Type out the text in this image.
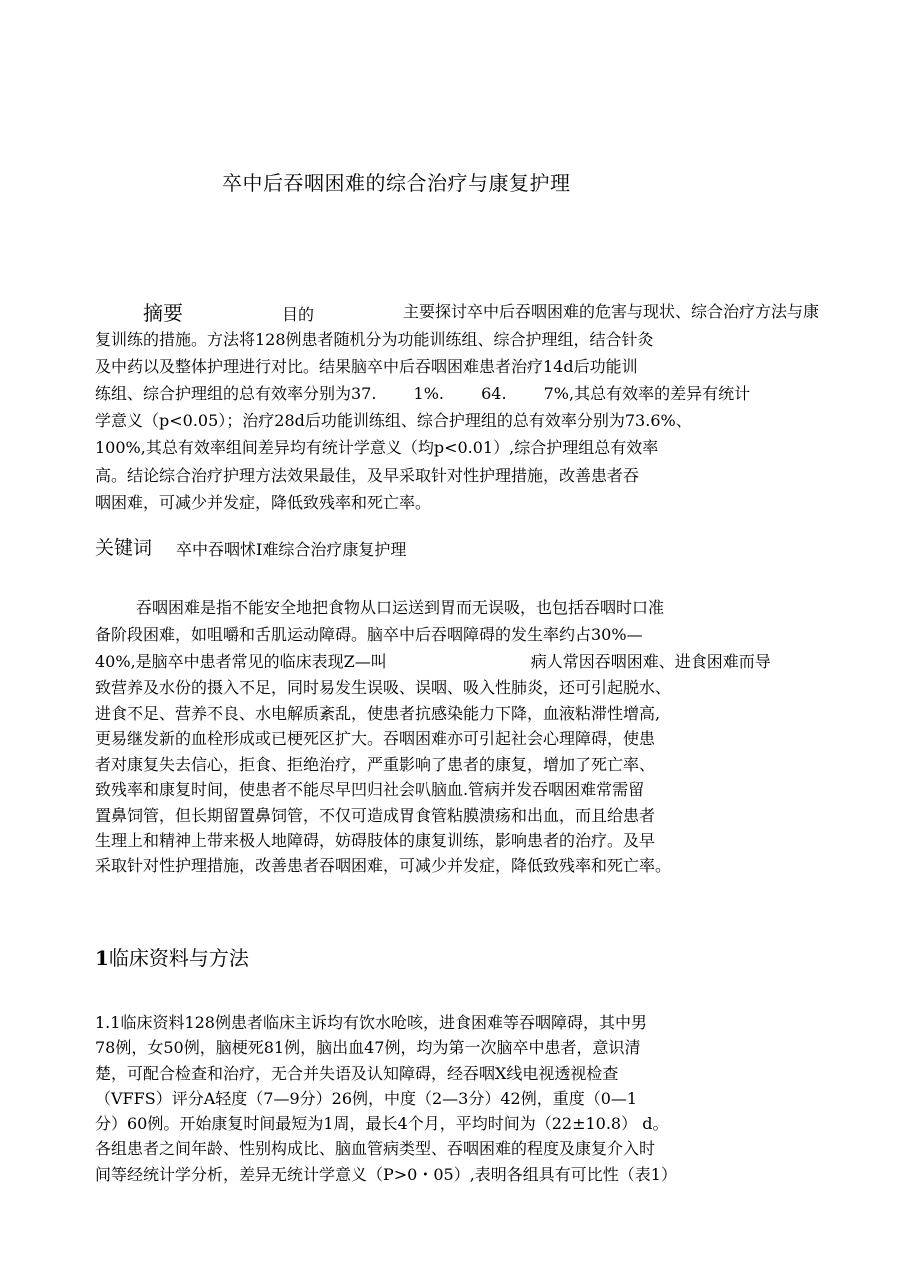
卒中后吞咽困难的综合治疗与康复护理
摘要	目的	主要探讨卒中后吞咽困难的危害与现状、综合治疗方法与康
复训练的措施。方法将128例患者随机分为功能训练组、综合护理组，结合针灸
及中药以及整体护理进行对比。结果脑卒中后吞咽困难患者治疗14d后功能训
练组、综合护理组的总有效率分别为37.　　 1%.　　 64.　　 7%,其总有效率的差异有统计
学意义（p<0.05）；治疗28d后功能训练组、综合护理组的总有效率分别为73.6%、
100%,其总有效率组间差异均有统计学意义（均p<0.01）,综合护理组总有效率
高。结论综合治疗护理方法效果最佳，及早采取针对性护理措施，改善患者吞
咽困难，可减少并发症，降低致残率和死亡率。
关键词 卒中吞咽怵Ι难综合治疗康复护理
吞咽困难是指不能安全地把食物从口运送到胃而无误吸，也包括吞咽时口准
备阶段困难，如咀嚼和舌肌运动障碍。脑卒中后吞咽障碍的发生率约占30%—
40%,是脑卒中患者常见的临床表现Z—叫　　　　　　　　　病人常因吞咽困难、进食困难而导
致营养及水份的摄入不足，同时易发生误吸、误咽、吸入性肺炎，还可引起脱水、
进食不足、营养不良、水电解质紊乱，使患者抗感染能力下降，血液粘滞性增高,
更易继发新的血栓形成或已梗死区扩大。吞咽困难亦可引起社会心理障碍，使患
者对康复失去信心，拒食、拒绝治疗，严重影响了患者的康复，增加了死亡率、
致残率和康复时间，使患者不能尽早凹归社会叭脑血.管病并发吞咽困难常需留
置鼻饲管，但长期留置鼻饲管，不仅可造成胃食管粘膜溃疡和出血，而且给患者
生理上和精神上带来极人地障碍，妨碍肢体的康复训练，影响患者的治疗。及早
采取针对性护理措施，改善患者吞咽困难，可减少并发症，降低致残率和死亡率。
1临床资料与方法
1.1临床资料128例患者临床主诉均有饮水呛咳，进食困难等吞咽障碍，其中男
78例，女50例，脑梗死81例，脑出血47例，均为第一次脑卒中患者，意识清
楚，可配合检查和治疗，无合并失语及认知障碍，经吞咽X线电视透视检查
（VFFS）评分A轻度（7—9分）26例，中度（2—3分）42例，重度（0—1
分）60例。开始康复时间最短为1周，最长4个月，平均时间为（22±10.8） d。
各组患者之间年龄、性别构成比、脑血管病类型、吞咽困难的程度及康复介入时
间等经统计学分析，差异无统计学意义（P>0・05）,表明各组具有可比性（表1）
